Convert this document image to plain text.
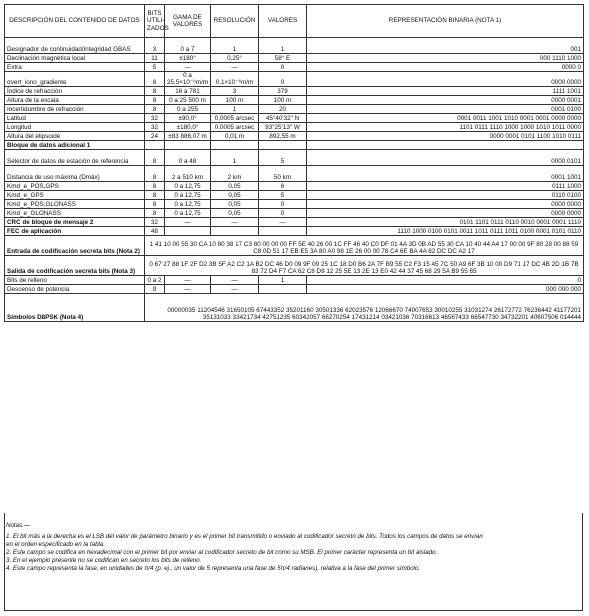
DESCRIPCIÓN DEL CONTENIDO DE DATOS	BITS UTILI-ZADOS	GAMA DE VALORES	RESOLUCIÓN	VALORES	REPRESENTACIÓN BINARIA (NOTA 1)
Designador de continuidad/integridad GBAS	3	0 a 7	1	1	001
Declinación magnética local	11	±180°	0,25°	58° E	000 1110 1000
Extra	5	—	—	0	0000 0
σvert_iono_gradiente	8	0 a 25,5×10⁻⁶m/m	0,1×10⁻⁶m/m	0	0000 0000
Índice de refracción	8	16 a 781	3	379	1111 1001
Altura de la escala	8	0 a 25 500 m	100 m	100 m	0000 0001
Incertidumbre de refracción	8	0 a 255	1	20	0001 0100
Latitud	32	±90,0°	0,0005 arcsec	45°40'32" N	0001 0011 1001 1010 0001 0001 0000 0000
Longitud	32	±180,0°	0,0005 arcsec	93°25'13" W	1101 0111 1110 1000 1000 1010 1011 0000
Altura del elipsoide	24	±83 886,07 m	0,01 m	892,55 m	0000 0001 0101 1100 1010 0111
Bloque de datos adicional 1					
Selector de datos de estación de referencia	8	0 a 48	1	5	0000 0101
Distancia de uso máxima (Dmáx)	8	2 a 510 km	2 km	50 km	0001 1001
Kmd_e_POS,GPS	8	0 a 12,75	0,05	6	0111 1000
Kmd_e_GPS	8	0 a 12,75	0,05	5	0110 0100
Kmd_e_POS,GLONASS	8	0 a 12,75	0,05	0	0000 0000
Kmd_e_GLONASS	8	0 a 12,75	0,05	0	0000 0000
CRC de bloque de mensaje 2	32	—	—	—	0101 1101 0111 0110 0010 0001 0001 1110
FEC de aplicación	48				1110 1000 0100 0101 0011 1011 0111 1011 0100 0001 0101 0110
Entrada de codificación secreta bits (Nota 2)	1 41 10 00 55 30 CA 10 80 38 17 C3 80 00 00 00 FF 5E 40 26 00 1C FF 46 40 C0 DF 01 4A 3D 0B AD 55 30 CA 10 40 44 A4 17 00 00 9F 80 28 00 88 59 C8 0D 51 17 EB E5 3A 80 A0 98 1E 26 00 00 78 C4 6E BA 4A 82 DC DC A2 17				
Salida de codificación secreta bits (Nota 3)	0 67 27 88 1F 2F D2 3B 5F A2 C2 1A B2 DC 46 D0 09 9F 09 25 1C 18 D0 B6 2A 7F B9 55 C2 F3 15 45 7C 50 A9 6F 3B 10 00 D9 71 17 DC 4B 2D 1B 7B 83 72 D4 F7 CA 62 C8 D9 12 25 5E 13 2E 13 E0 42 44 37 45 68 29 5A B9 55 65				
Bits de relleno	0 a 2	—	—	1	0
Descenso de potencia	9	—	—		000 000 000
Símbolos D8PSK (Nota 4)	00000035 11204546 31650105 67443352 35201160 30501336 62023576 12066670 74007653 30010255 31031274 26172772 76236442 41177201 35131033 33421734 42751235 60342057 66270254 17431214 03421036 70316613 46567433 66547730 34732201 40607506 014444				
Notas.—
1. El bit más a la derecha es el LSB del valor de parámetro binario y es el primer bit transmitido o enviado al codificador secreto de bits. Todos los campos de datos se envían
en el orden especificado en la tabla.
2. Este campo se codifica en hexadecimal con el primer bit por enviar al codificador secreto de bit como su MSB. El primer carácter representa un bit aislado.
3. En el ejemplo presente no se codifican en secreto los bits de relleno.
4. Este campo representa la fase, en unidades de π/4 (p. ej., un valor de 5 representa una fase de 5π/4 radianes), relativa a la fase del primer símbolo.
